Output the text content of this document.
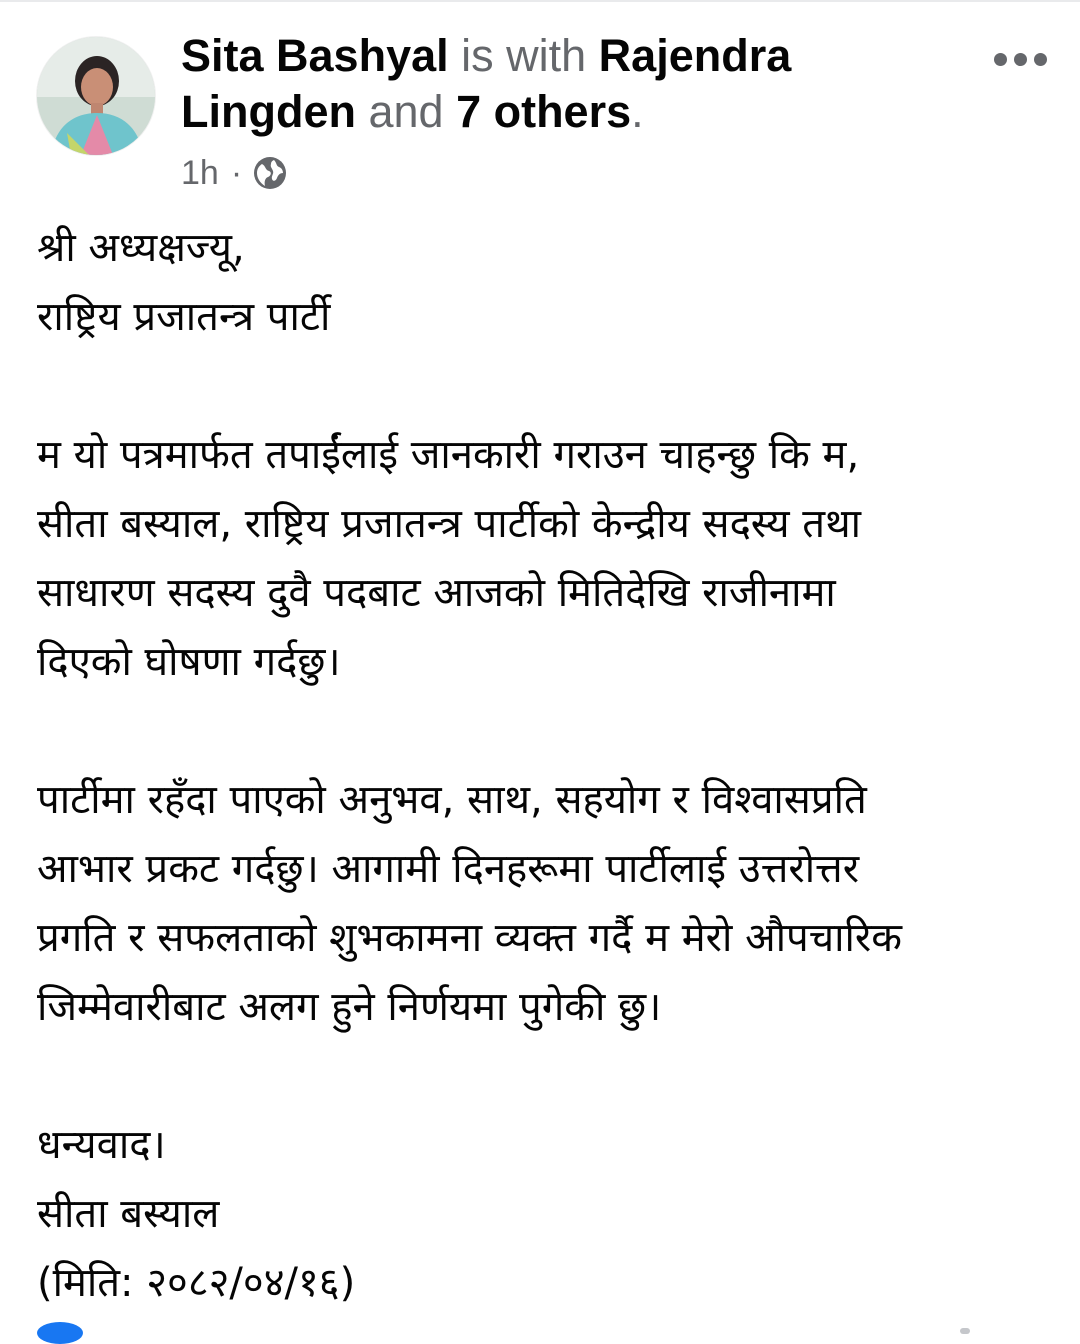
Sita Bashyal is with Rajendra Lingden and 7 others.
1h ·
श्री अध्यक्षज्यू,
राष्ट्रिय प्रजातन्त्र पार्टी
म यो पत्रमार्फत तपाईंलाई जानकारी गराउन चाहन्छु कि म,
सीता बस्याल, राष्ट्रिय प्रजातन्त्र पार्टीको केन्द्रीय सदस्य तथा
साधारण सदस्य दुवै पदबाट आजको मितिदेखि राजीनामा
दिएको घोषणा गर्दछु।
पार्टीमा रहँदा पाएको अनुभव, साथ, सहयोग र विश्वासप्रति
आभार प्रकट गर्दछु। आगामी दिनहरूमा पार्टीलाई उत्तरोत्तर
प्रगति र सफलताको शुभकामना व्यक्त गर्दै म मेरो औपचारिक
जिम्मेवारीबाट अलग हुने निर्णयमा पुगेकी छु।
धन्यवाद।
सीता बस्याल
(मिति: २०८२/०४/१६)
